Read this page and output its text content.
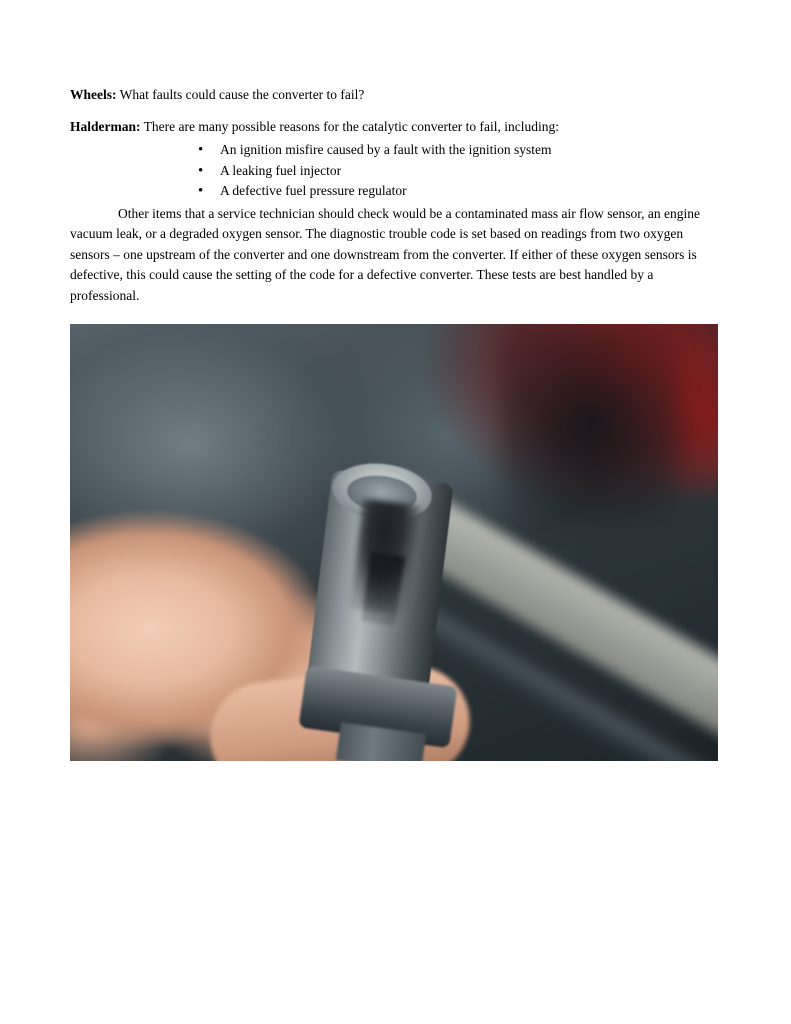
Wheels: What faults could cause the converter to fail?

Halderman: There are many possible reasons for the catalytic converter to fail, including:

• An ignition misfire caused by a fault with the ignition system
• A leaking fuel injector
• A defective fuel pressure regulator

Other items that a service technician should check would be a contaminated mass air flow sensor, an engine vacuum leak, or a degraded oxygen sensor. The diagnostic trouble code is set based on readings from two oxygen sensors – one upstream of the converter and one downstream from the converter. If either of these oxygen sensors is defective, this could cause the setting of the code for a defective converter. These tests are best handled by a professional.
